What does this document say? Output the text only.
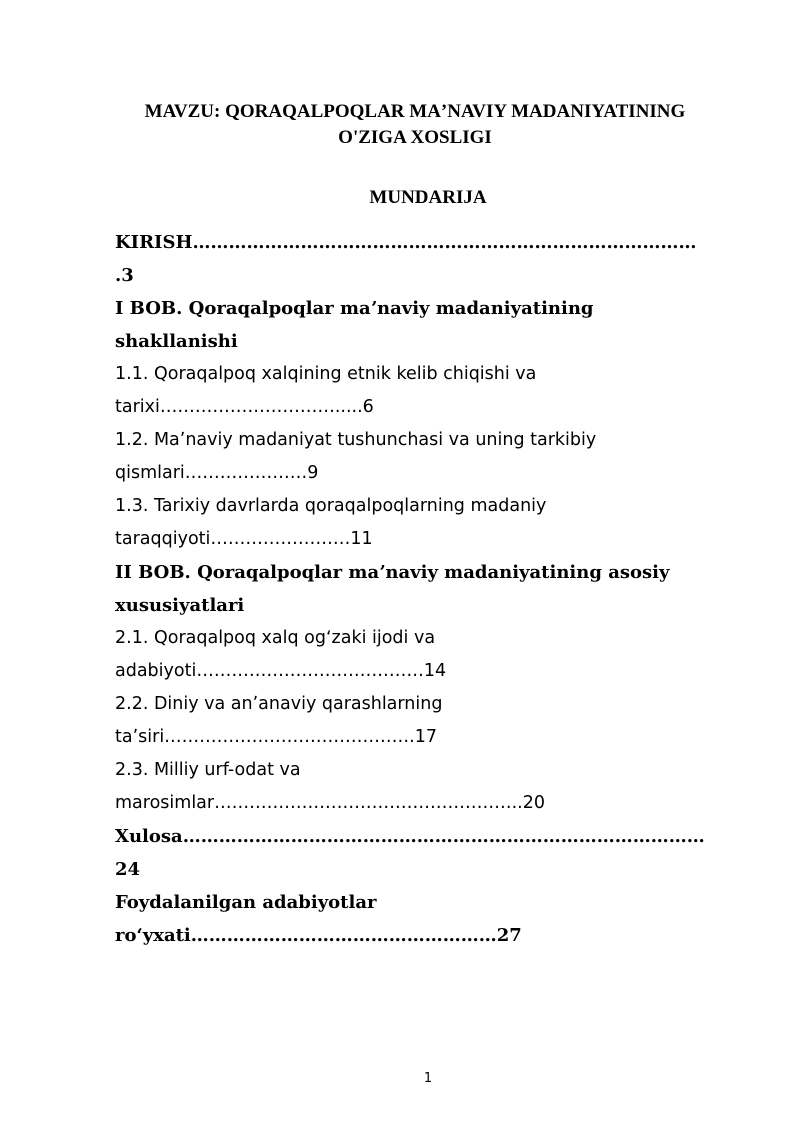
MAVZU: QORAQALPOQLAR MAʼNAVIY MADANIYATINING
O'ZIGA XOSLIGI
MUNDARIJA
KIRISH…………………………………………………………………………
.3
I BOB. Qoraqalpoqlar maʼnaviy madaniyatining
shakllanishi
1.1. Qoraqalpoq xalqining etnik kelib chiqishi va
tarixi………………………….....6
1.2. Maʼnaviy madaniyat tushunchasi va uning tarkibiy
qismlari…………………9
1.3. Tarixiy davrlarda qoraqalpoqlarning madaniy
taraqqiyoti……………………11
II BOB. Qoraqalpoqlar maʼnaviy madaniyatining asosiy
xususiyatlari
2.1. Qoraqalpoq xalq ogʻzaki ijodi va
adabiyoti…………………………………14
2.2. Diniy va anʼanaviy qarashlarning
taʼsiri…………………………………….17
2.3. Milliy urf-odat va
marosimlar……………………………………………..20
Xulosa……………………………………………………………………………
24
Foydalanilgan adabiyotlar
roʻyxati……………………………………………27
1
